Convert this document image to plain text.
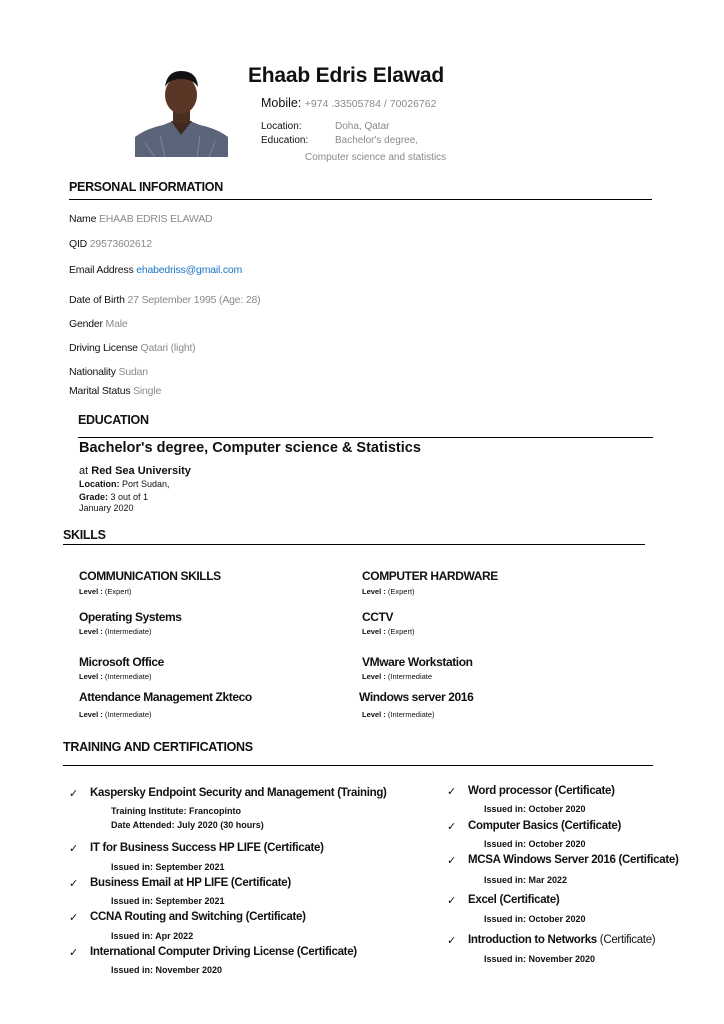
Ehaab Edris Elawad
Mobile: +974 .33505784 / 70026762
Location:	Doha, Qatar
Education:	Bachelor's degree,
Computer science and statistics
PERSONAL INFORMATION
Name EHAAB EDRIS ELAWAD
QID 29573602612
Email Address ehabedriss@gmail.com
Date of Birth 27 September 1995 (Age: 28)
Gender Male
Driving License Qatari (light)
Nationality Sudan
Marital Status Single
EDUCATION
Bachelor's degree, Computer science & Statistics
at Red Sea University
Location: Port Sudan,
Grade: 3 out of 1
January 2020
SKILLS
COMMUNICATION SKILLS
Level : (Expert)
COMPUTER HARDWARE
Level : (Expert)
Operating Systems
Level : (Intermediate)
CCTV
Level : (Expert)
Microsoft Office
Level : (Intermediate)
VMware Workstation
Level : (Intermediate
Attendance Management Zkteco
Level : (Intermediate)
Windows server 2016
Level : (Intermediate)
TRAINING AND CERTIFICATIONS
✓ Kaspersky Endpoint Security and Management (Training)
Training Institute: Francopinto
Date Attended: July 2020 (30 hours)
✓ IT for Business Success HP LIFE (Certificate)
Issued in: September 2021
✓ Business Email at HP LIFE (Certificate)
Issued in: September 2021
✓ CCNA Routing and Switching (Certificate)
Issued in: Apr 2022
✓ International Computer Driving License (Certificate)
Issued in: November 2020
✓ Word processor (Certificate)
Issued in: October 2020
✓ Computer Basics (Certificate)
Issued in: October 2020
✓ MCSA Windows Server 2016 (Certificate)
Issued in: Mar 2022
✓ Excel (Certificate)
Issued in: October 2020
✓ Introduction to Networks (Certificate)
Issued in: November 2020
